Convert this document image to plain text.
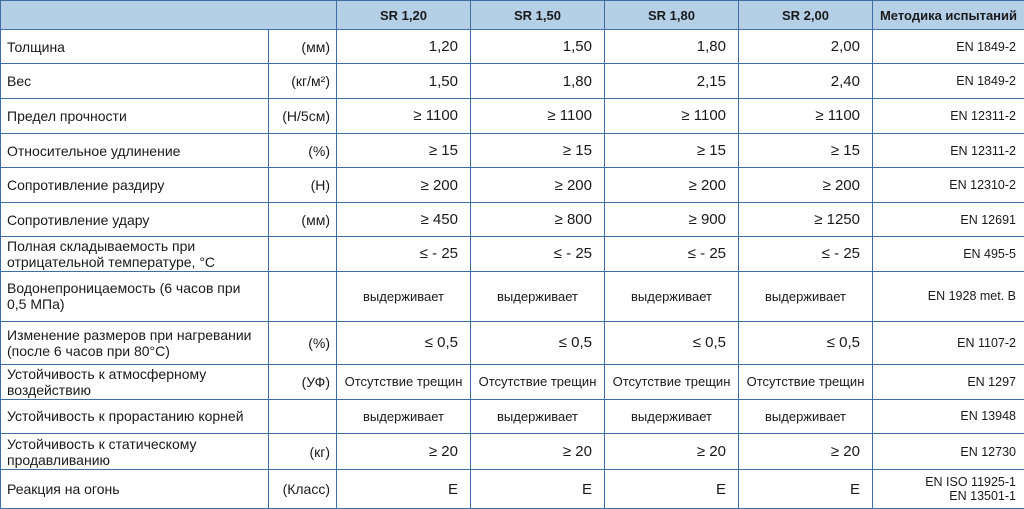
		SR 1,20	SR 1,50	SR 1,80	SR 2,00	Методика испытаний
Толщина	(мм)	1,20	1,50	1,80	2,00	EN 1849-2

Вес	(кг/м²)	1,50	1,80	2,15	2,40	EN 1849-2

Предел прочности	(Н/5см)	≥ 1100	≥ 1100	≥ 1100	≥ 1100	EN 12311-2

Относительное удлинение	(%)	≥ 15	≥ 15	≥ 15	≥ 15	EN 12311-2

Сопротивление раздиру	(Н)	≥ 200	≥ 200	≥ 200	≥ 200	EN 12310-2

Сопротивление удару	(мм)	≥ 450	≥ 800	≥ 900	≥ 1250	EN 12691

Полная складываемость при отрицательной температуре, °С		≤ - 25	≤ - 25	≤ - 25	≤ - 25	EN 495-5

Водонепроницаемость (6 часов при 0,5 МПа)		выдерживает	выдерживает	выдерживает	выдерживает	EN 1928 met. B

Изменение размеров при нагревании (после 6 часов при 80°С)	(%)	≤ 0,5	≤ 0,5	≤ 0,5	≤ 0,5	EN 1107-2

Устойчивость к атмосферному воздействию	(УФ)	Отсутствие трещин	Отсутствие трещин	Отсутствие трещин	Отсутствие трещин	EN 1297

Устойчивость к прорастанию корней		выдерживает	выдерживает	выдерживает	выдерживает	EN 13948

Устойчивость к статическому продавливанию	(кг)	≥ 20	≥ 20	≥ 20	≥ 20	EN 12730

Реакция на огонь	(Класс)	E	E	E	E	EN ISO 11925-1
EN 13501-1
